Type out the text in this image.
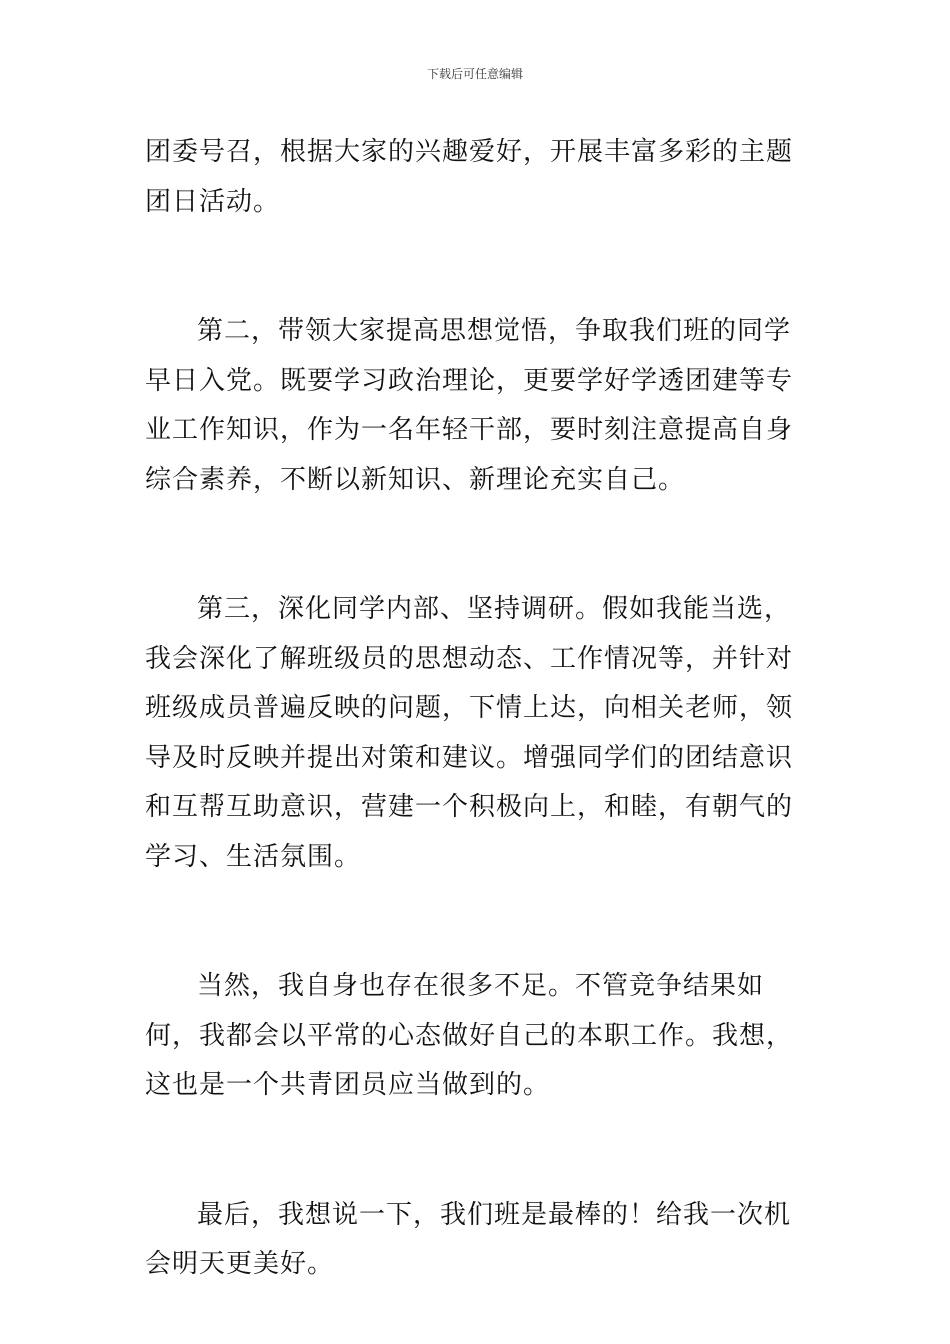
下载后可任意编辑

团委号召，根据大家的兴趣爱好，开展丰富多彩的主题团日活动。

第二，带领大家提高思想觉悟，争取我们班的同学早日入党。既要学习政治理论，更要学好学透团建等专业工作知识，作为一名年轻干部，要时刻注意提高自身综合素养，不断以新知识、新理论充实自己。

第三，深化同学内部、坚持调研。假如我能当选，我会深化了解班级员的思想动态、工作情况等，并针对班级成员普遍反映的问题，下情上达，向相关老师，领导及时反映并提出对策和建议。增强同学们的团结意识和互帮互助意识，营建一个积极向上，和睦，有朝气的学习、生活氛围。

当然，我自身也存在很多不足。不管竞争结果如何，我都会以平常的心态做好自己的本职工作。我想，这也是一个共青团员应当做到的。

最后，我想说一下，我们班是最棒的！给我一次机会明天更美好。
